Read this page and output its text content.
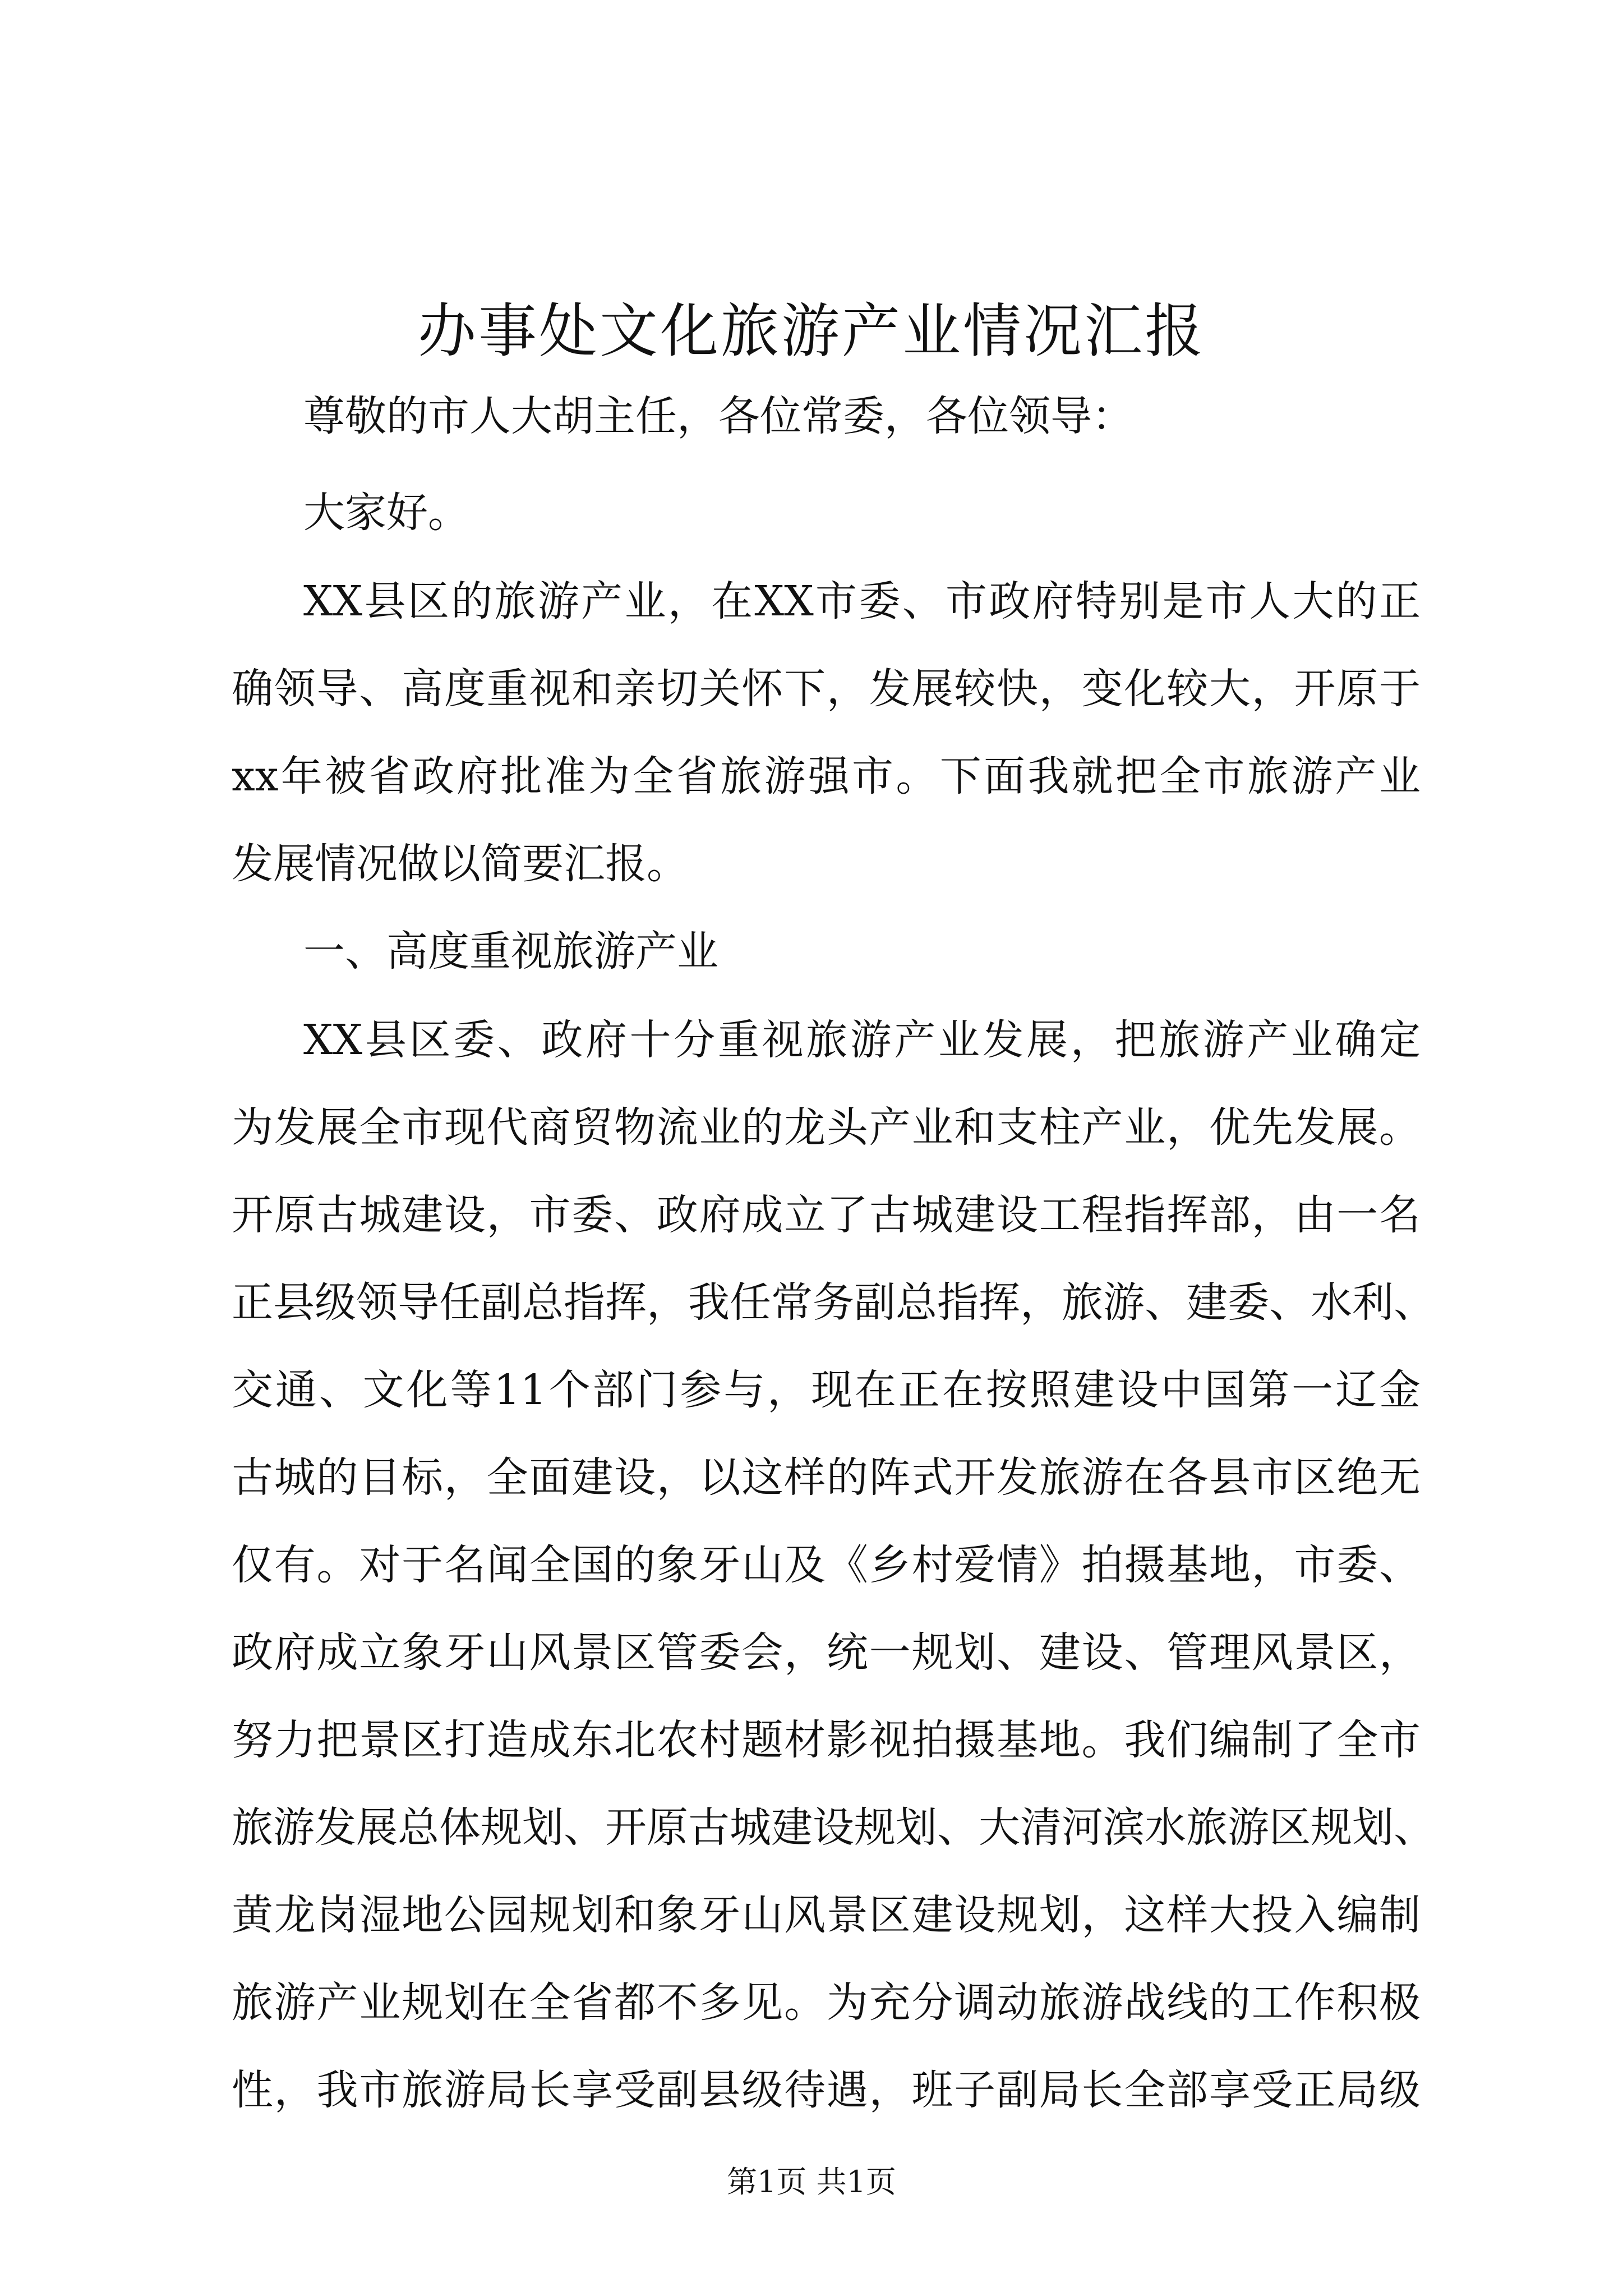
办事处文化旅游产业情况汇报
尊敬的市人大胡主任，各位常委，各位领导：
大家好。
XX县区的旅游产业，在XX市委、市政府特别是市人大的正
确领导、高度重视和亲切关怀下，发展较快，变化较大，开原于
xx年被省政府批准为全省旅游强市。下面我就把全市旅游产业
发展情况做以简要汇报。
一、高度重视旅游产业
XX县区委、政府十分重视旅游产业发展，把旅游产业确定
为发展全市现代商贸物流业的龙头产业和支柱产业，优先发展。
开原古城建设，市委、政府成立了古城建设工程指挥部，由一名
正县级领导任副总指挥，我任常务副总指挥，旅游、建委、水利、
交通、文化等11个部门参与，现在正在按照建设中国第一辽金
古城的目标，全面建设，以这样的阵式开发旅游在各县市区绝无
仅有。对于名闻全国的象牙山及《乡村爱情》拍摄基地，市委、
政府成立象牙山风景区管委会，统一规划、建设、管理风景区，
努力把景区打造成东北农村题材影视拍摄基地。我们编制了全市
旅游发展总体规划、开原古城建设规划、大清河滨水旅游区规划、
黄龙岗湿地公园规划和象牙山风景区建设规划，这样大投入编制
旅游产业规划在全省都不多见。为充分调动旅游战线的工作积极
性，我市旅游局长享受副县级待遇，班子副局长全部享受正局级
第1页 共1页
